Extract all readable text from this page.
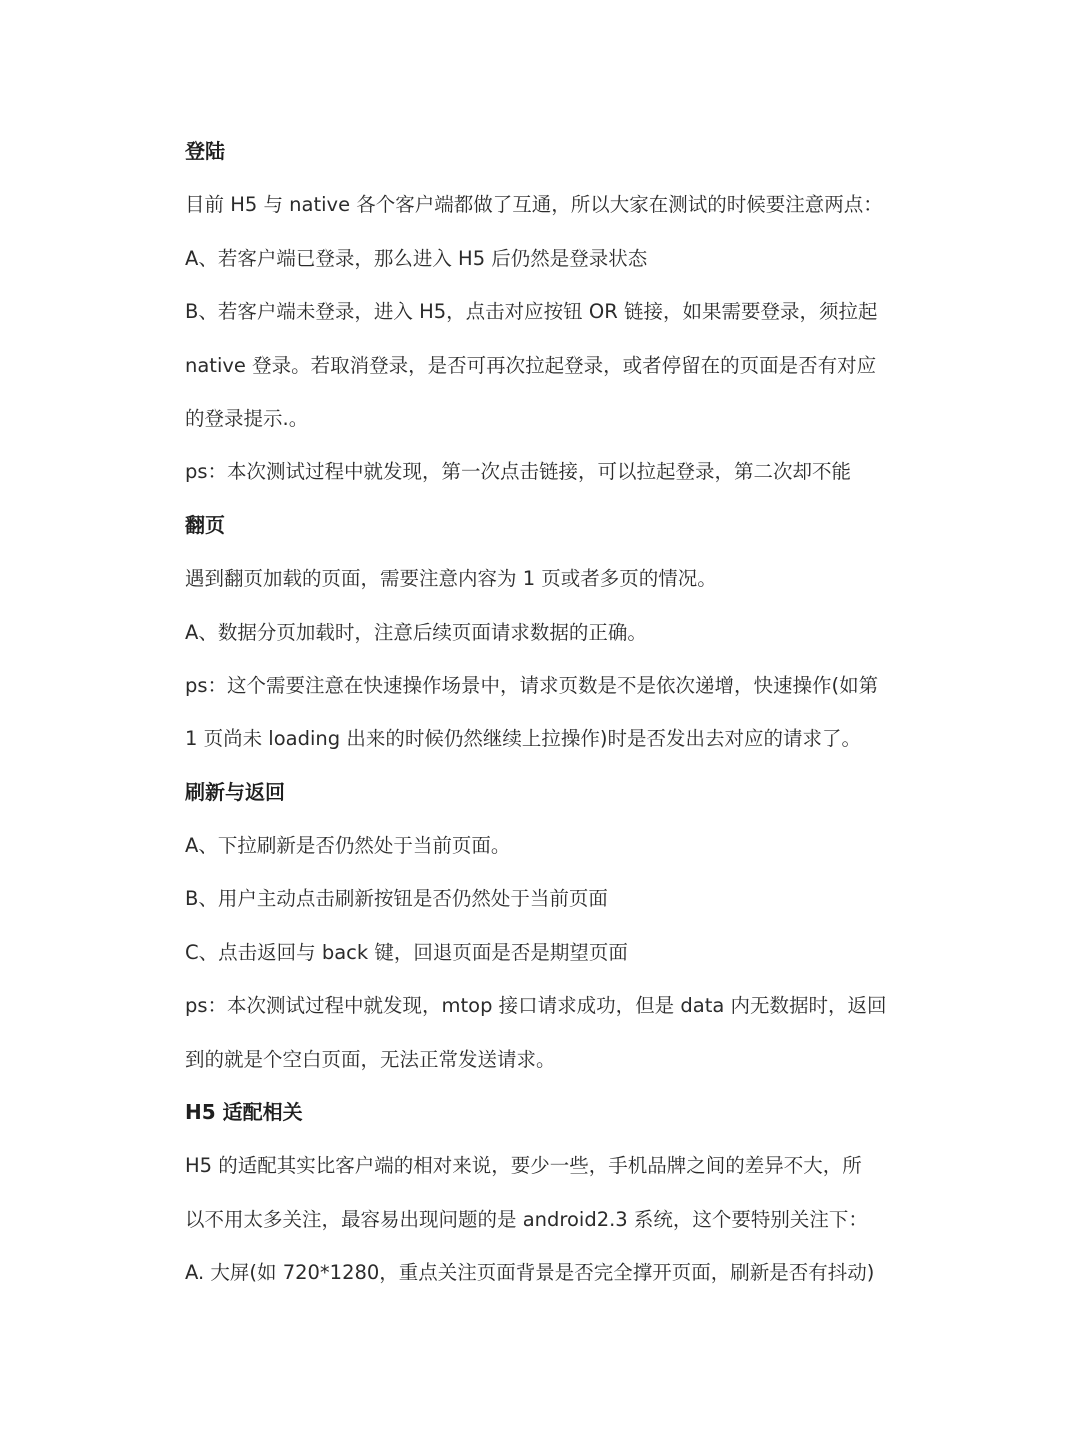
登陆
目前 H5 与 native 各个客户端都做了互通，所以大家在测试的时候要注意两点：
A、若客户端已登录，那么进入 H5 后仍然是登录状态
B、若客户端未登录，进入 H5，点击对应按钮 OR 链接，如果需要登录，须拉起
native 登录。若取消登录，是否可再次拉起登录，或者停留在的页面是否有对应
的登录提示.。
ps：本次测试过程中就发现，第一次点击链接，可以拉起登录，第二次却不能
翻页
遇到翻页加载的页面，需要注意内容为 1 页或者多页的情况。
A、数据分页加载时，注意后续页面请求数据的正确。
ps：这个需要注意在快速操作场景中，请求页数是不是依次递增，快速操作(如第
1 页尚未 loading 出来的时候仍然继续上拉操作)时是否发出去对应的请求了。
刷新与返回
A、下拉刷新是否仍然处于当前页面。
B、用户主动点击刷新按钮是否仍然处于当前页面
C、点击返回与 back 键，回退页面是否是期望页面
ps：本次测试过程中就发现，mtop 接口请求成功，但是 data 内无数据时，返回
到的就是个空白页面，无法正常发送请求。
H5 适配相关
H5 的适配其实比客户端的相对来说，要少一些，手机品牌之间的差异不大，所
以不用太多关注，最容易出现问题的是 android2.3 系统，这个要特别关注下：
A. 大屏(如 720*1280，重点关注页面背景是否完全撑开页面，刷新是否有抖动)
